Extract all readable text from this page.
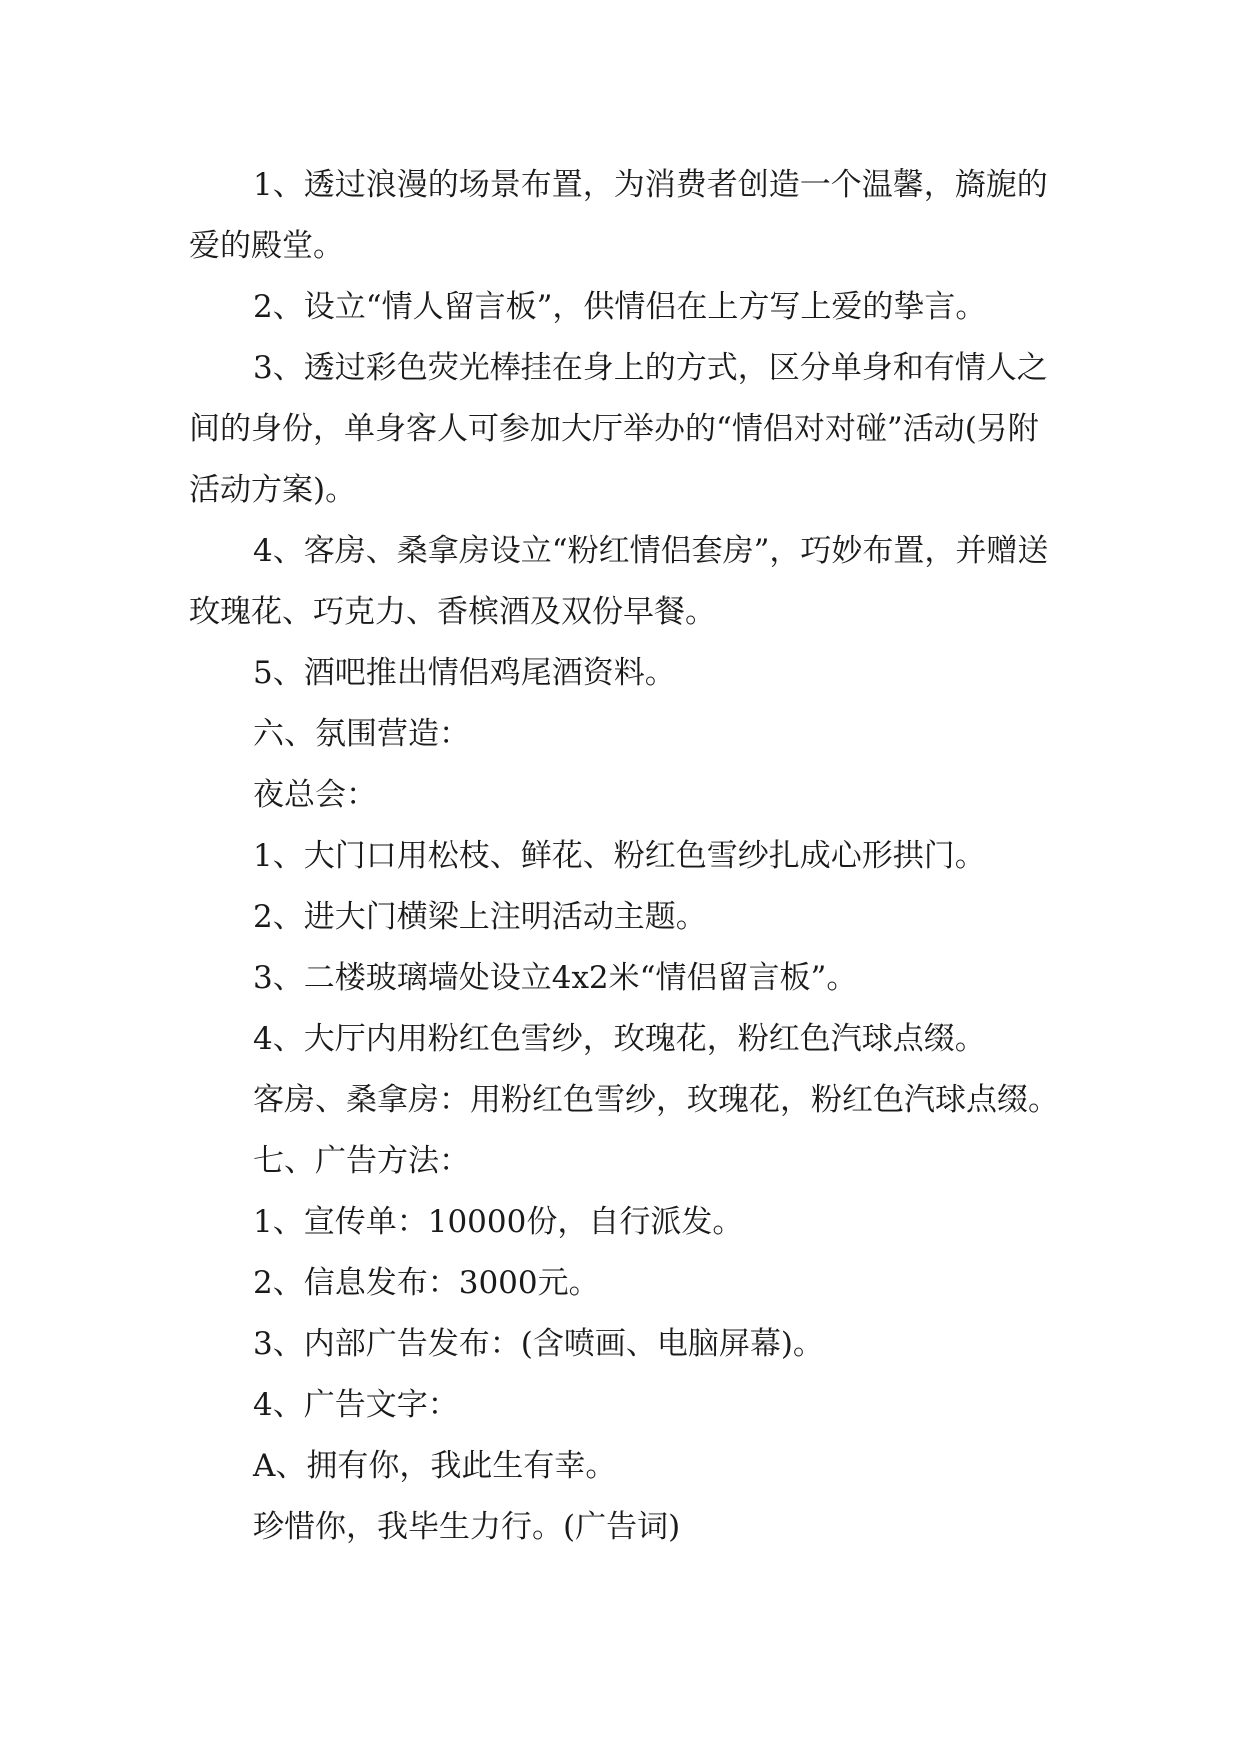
1、透过浪漫的场景布置，为消费者创造一个温馨，旖旎的爱的殿堂。

2、设立“情人留言板”，供情侣在上方写上爱的挚言。

3、透过彩色荧光棒挂在身上的方式，区分单身和有情人之间的身份，单身客人可参加大厅举办的“情侣对对碰”活动(另附活动方案)。

4、客房、桑拿房设立“粉红情侣套房”，巧妙布置，并赠送玫瑰花、巧克力、香槟酒及双份早餐。

5、酒吧推出情侣鸡尾酒资料。

六、氛围营造：

夜总会：

1、大门口用松枝、鲜花、粉红色雪纱扎成心形拱门。

2、进大门横梁上注明活动主题。

3、二楼玻璃墙处设立4x2米“情侣留言板”。

4、大厅内用粉红色雪纱，玫瑰花，粉红色汽球点缀。

客房、桑拿房：用粉红色雪纱，玫瑰花，粉红色汽球点缀。

七、广告方法：

1、宣传单：10000份，自行派发。

2、信息发布：3000元。

3、内部广告发布：(含喷画、电脑屏幕)。

4、广告文字：

A、拥有你，我此生有幸。

珍惜你，我毕生力行。(广告词)
